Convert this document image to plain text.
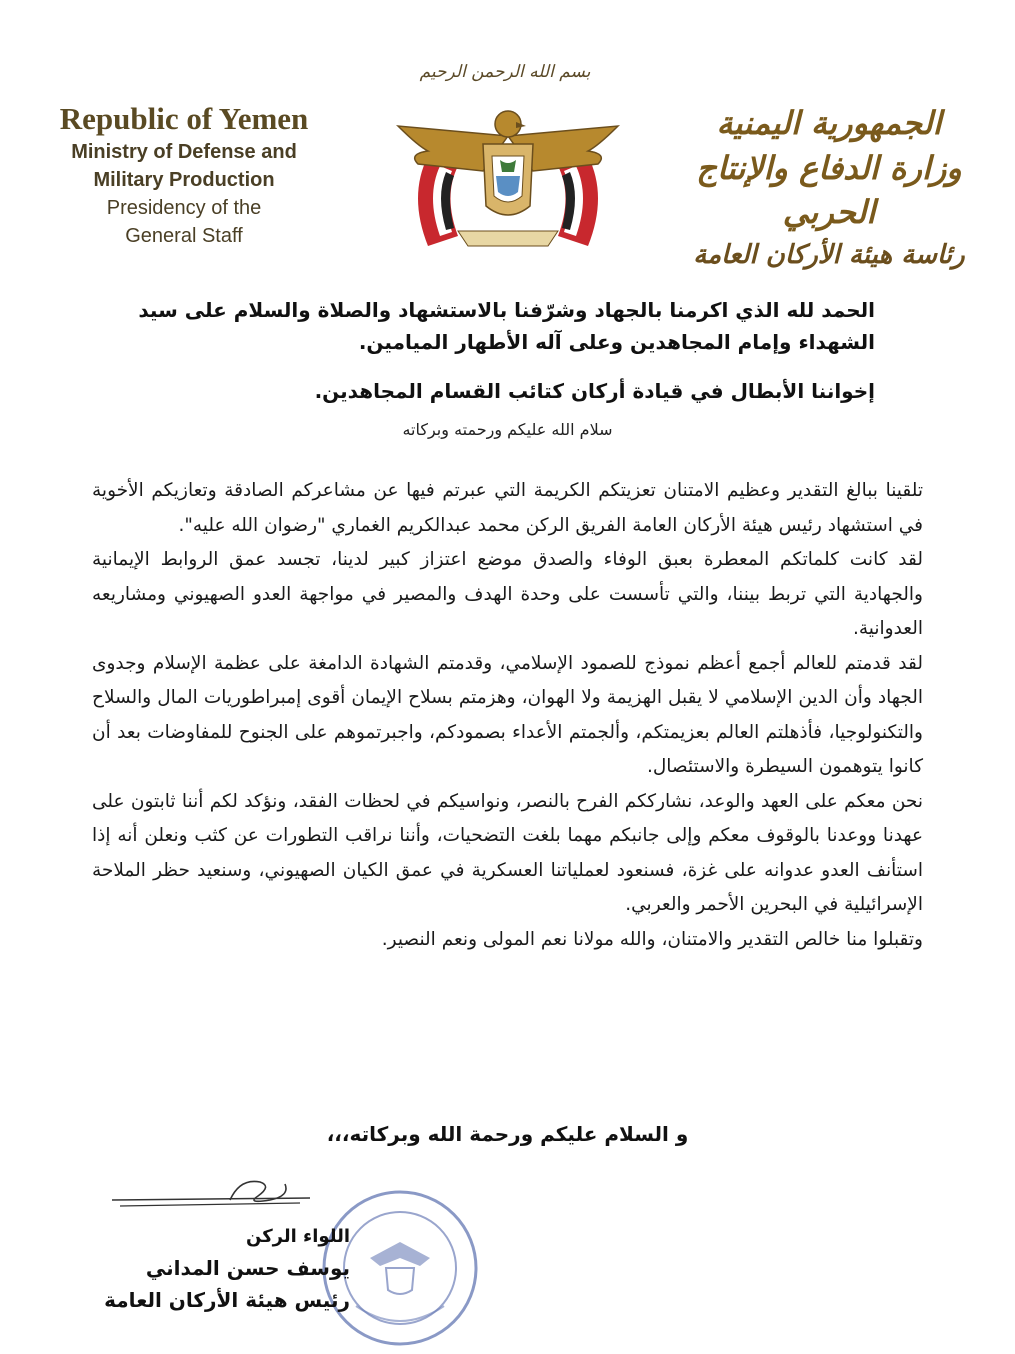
Republic of Yemen
Ministry of Defense and
Military Production
Presidency of the
General Staff
بسم الله الرحمن الرحيم
الجمهورية اليمنية
وزارة الدفاع والإنتاج الحربي
رئاسة هيئة الأركان العامة
الحمد لله الذي اكرمنا بالجهاد وشرّفنا بالاستشهاد والصلاة والسلام على سيد الشهداء وإمام المجاهدين وعلى آله الأطهار الميامين.
إخواننا الأبطال في قيادة أركان كتائب القسام المجاهدين.
سلام الله عليكم ورحمته وبركاته

تلقينا ببالغ التقدير وعظيم الامتنان تعزيتكم الكريمة التي عبرتم فيها عن مشاعركم الصادقة وتعازيكم الأخوية في استشهاد رئيس هيئة الأركان العامة الفريق الركن محمد عبدالكريم الغماري "رضوان الله عليه".

لقد كانت كلماتكم المعطرة بعبق الوفاء والصدق موضع اعتزاز كبير لدينا، تجسد عمق الروابط الإيمانية والجهادية التي تربط بيننا، والتي تأسست على وحدة الهدف والمصير في مواجهة العدو الصهيوني ومشاريعه العدوانية.

لقد قدمتم للعالم أجمع أعظم نموذج للصمود الإسلامي، وقدمتم الشهادة الدامغة على عظمة الإسلام وجدوى الجهاد وأن الدين الإسلامي لا يقبل الهزيمة ولا الهوان، وهزمتم بسلاح الإيمان أقوى إمبراطوريات المال والسلاح والتكنولوجيا، فأذهلتم العالم بعزيمتكم، وألجمتم الأعداء بصمودكم، واجبرتموهم على الجنوح للمفاوضات بعد أن كانوا يتوهمون السيطرة والاستئصال.

نحن معكم على العهد والوعد، نشارككم الفرح بالنصر، ونواسيكم في لحظات الفقد، ونؤكد لكم أننا ثابتون على عهدنا ووعدنا بالوقوف معكم وإلى جانبكم مهما بلغت التضحيات، وأننا نراقب التطورات عن كثب ونعلن أنه إذا استأنف العدو عدوانه على غزة، فسنعود لعملياتنا العسكرية في عمق الكيان الصهيوني، وسنعيد حظر الملاحة الإسرائيلية في البحرين الأحمر والعربي.

وتقبلوا منا خالص التقدير والامتنان، والله مولانا نعم المولى ونعم النصير.

و السلام عليكم ورحمة الله وبركاته،،،
اللواء الركن
يوسف حسن المداني
رئيس هيئة الأركان العامة
